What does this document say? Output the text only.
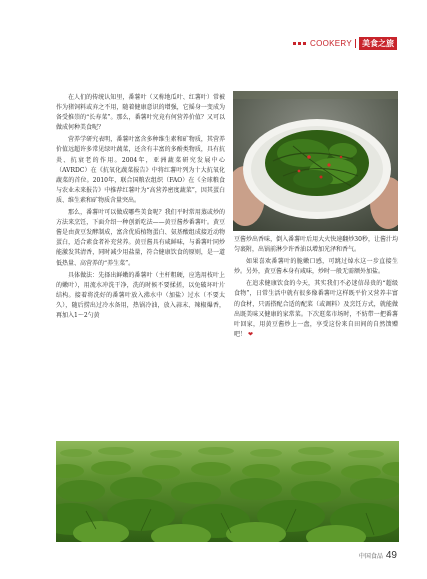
COOKERY	美食之旅

在人们的传统认知里，番薯叶（又称地瓜叶、红薯叶）常被作为猪饲料或弃之不用，随着健康意识的增强，它摇身一变成为备受推崇的“长寿菜”。那么，番薯叶究竟有何营养价值？又可以做成何种美食呢？

营养学研究表明，番薯叶富含多种维生素和矿物质，其营养价值远超许多常见绿叶蔬菜，还含有丰富的多酚类物质，具有抗炎、抗衰老的作用。2004年，亚洲蔬菜研究发展中心（AVRDC）在《抗氧化蔬菜报告》中将红薯叶列为十大抗氧化蔬菜的首位。2010年，联合国粮农组织（FAO）在《全球粮食与农业未来报告》中推荐红薯叶为“高营养密度蔬菜”，因其蛋白质、维生素和矿物质含量突出。

那么，番薯叶可以做成哪些美食呢？我们平时常用蒸或炒的方法来烹饪，下面介绍一种创新吃法——黄豆酱炒番薯叶。黄豆酱是由黄豆发酵制成，富含优质植物蛋白、氨基酸组成接近动物蛋白，适合素食者补充营养。黄豆酱具有咸鲜味，与番薯叶同炒能激发其清香，同时减少用盐量，符合健康饮食的原则，是一道低热量、高营养的“养生菜”。

具体做法：先择出鲜嫩的番薯叶（主杆粗硬，应选用枝叶上的嫩叶），用流水冲洗干净，洗的时候不要揉搓，以免破坏叶片结构。接着将洗好的番薯叶放入沸水中（加盐）过水（不要太久），随后捞出过冷水备用，热锅冷油，放入蒜末、辣椒爆香，再加入1～2勺黄

豆酱炒出香味，倒入番薯叶后用大火快速翻炒30秒，让酱汁均匀裹附，出锅前淋少许香油以增加光泽和香气。

如果喜欢番薯叶的脆嫩口感，可跳过焯水这一步直接生炒。另外，黄豆酱本身有咸味，炒时一般无需额外加盐。

在追求健康饮食的今天，其实我们不必迷信昂贵的“超级食物”，日常生活中就有很多像番薯叶这样既平价又营养丰富的食材，只需搭配合适的配菜（或调料）及烹饪方式，就能做出既美味又健康的家常菜。下次逛菜市场时，不妨带一把番薯叶回家，用黄豆酱炒上一盘，享受这份来自田间的自然馈赠吧！ ❤

中国食品 49
